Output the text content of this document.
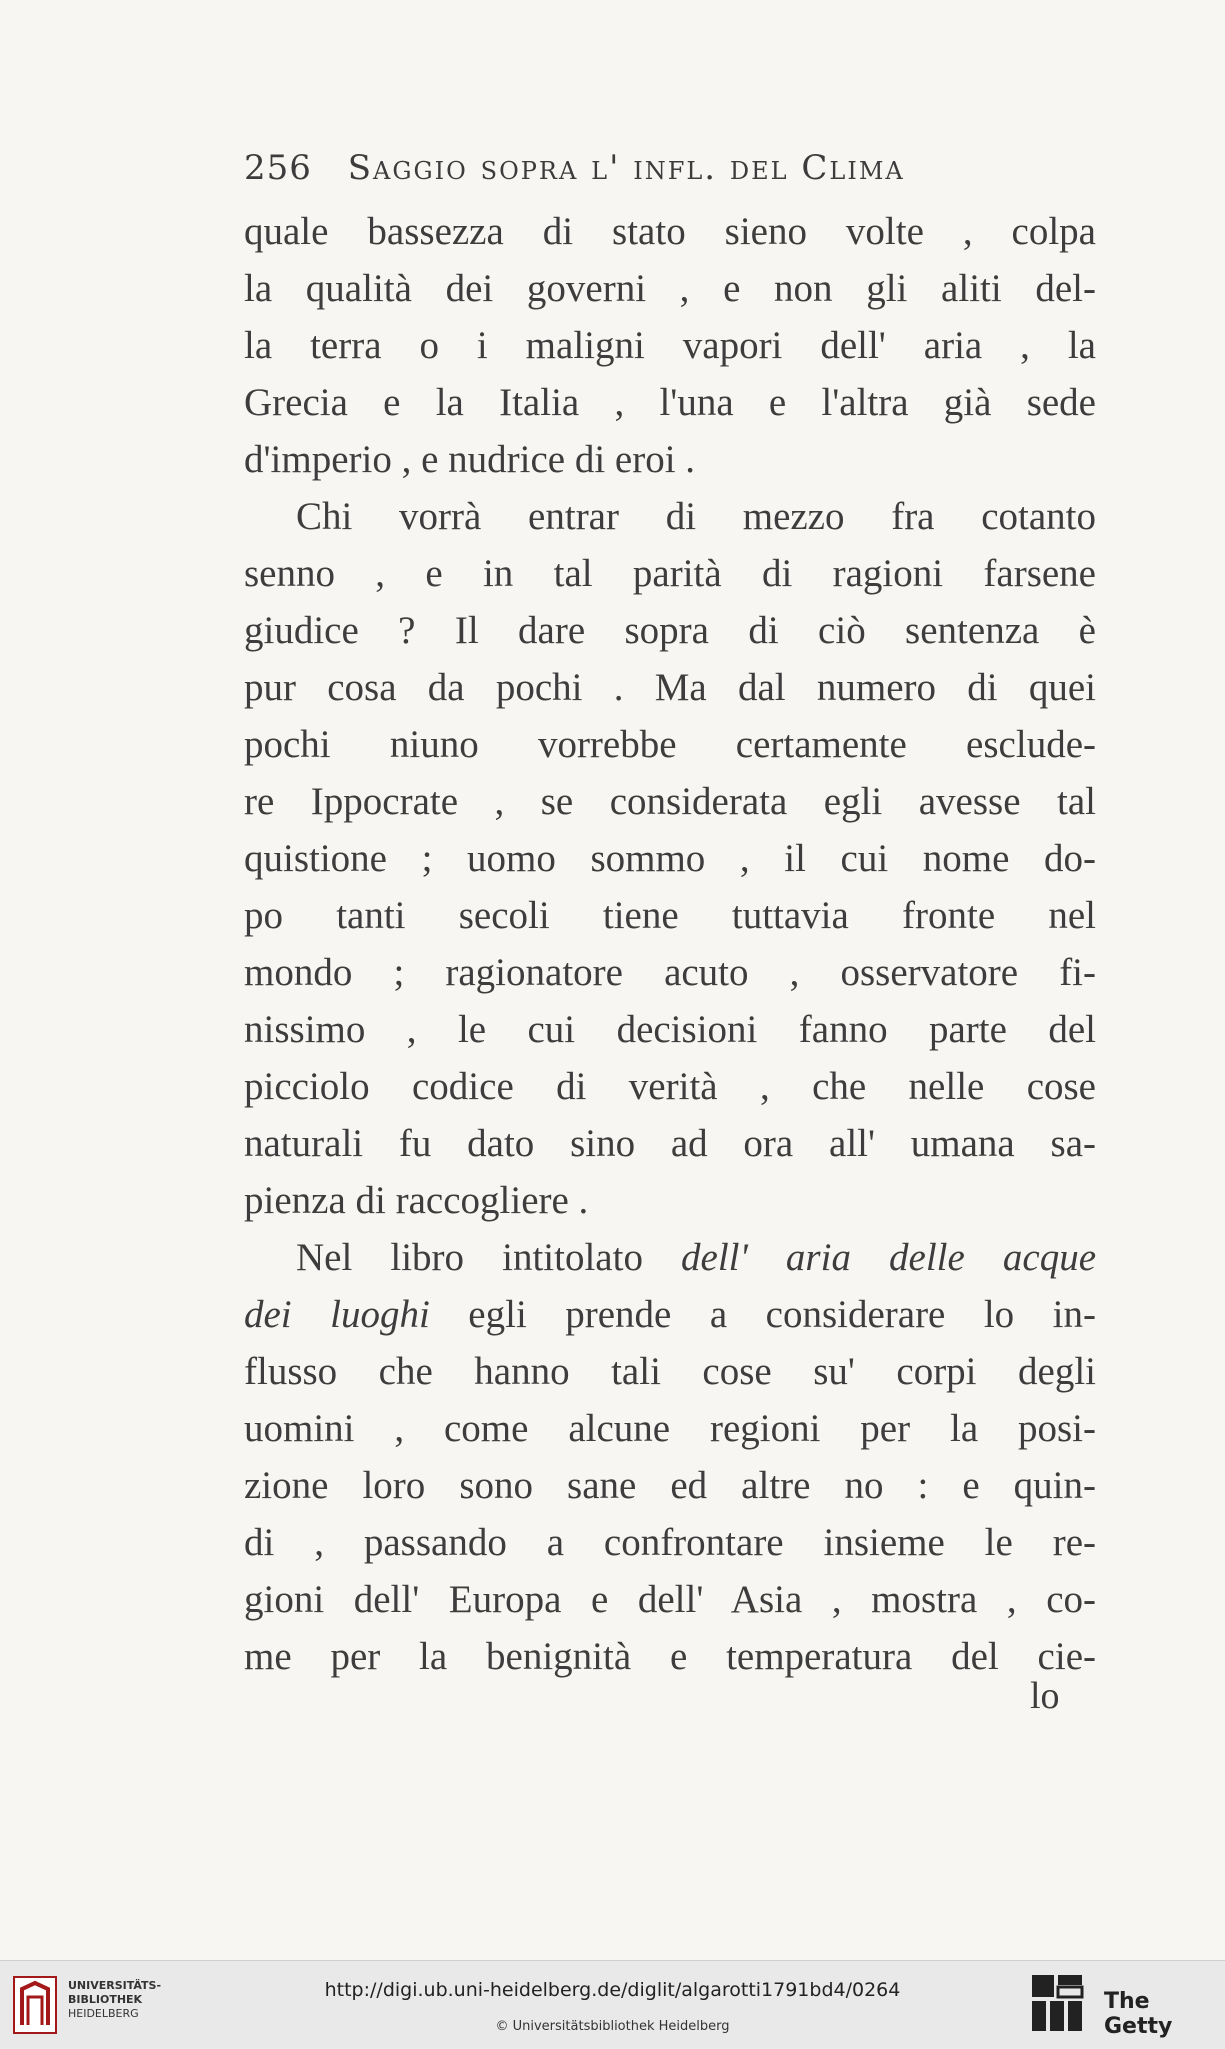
256 Saggio sopra l' infl. del Clima
quale bassezza di stato sieno volte , colpa
la qualità dei governi , e non gli aliti del-
la terra o i maligni vapori dell' aria , la
Grecia e la Italia , l'una e l'altra già sede
d'imperio , e nudrice di eroi .
Chi vorrà entrar di mezzo fra cotanto
senno , e in tal parità di ragioni farsene
giudice ? Il dare sopra di ciò sentenza è
pur cosa da pochi . Ma dal numero di quei
pochi niuno vorrebbe certamente esclude-
re Ippocrate , se considerata egli avesse tal
quistione ; uomo sommo , il cui nome do-
po tanti secoli tiene tuttavia fronte nel
mondo ; ragionatore acuto , osservatore fi-
nissimo , le cui decisioni fanno parte del
picciolo codice di verità , che nelle cose
naturali fu dato sino ad ora all' umana sa-
pienza di raccogliere .
Nel libro intitolato dell' aria delle acque
dei luoghi egli prende a considerare lo in-
flusso che hanno tali cose su' corpi degli
uomini , come alcune regioni per la posi-
zione loro sono sane ed altre no : e quin-
di , passando a confrontare insieme le re-
gioni dell' Europa e dell' Asia , mostra , co-
me per la benignità e temperatura del cie-
lo
UNIVERSITÄTS-
BIBLIOTHEK
HEIDELBERG
http://digi.ub.uni-heidelberg.de/diglit/algarotti1791bd4/0264
© Universitätsbibliothek Heidelberg
The Getty
